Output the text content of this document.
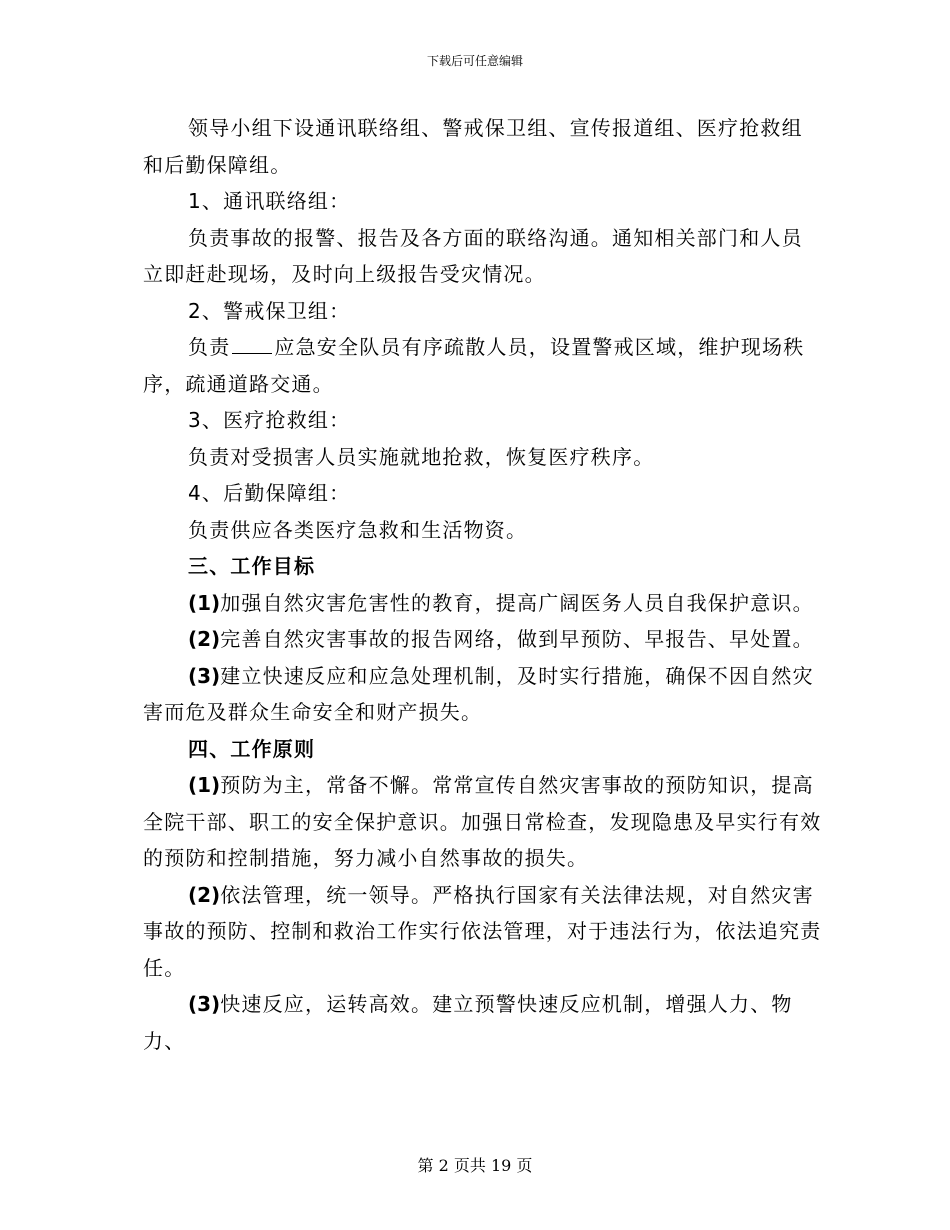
下载后可任意编辑

领导小组下设通讯联络组、警戒保卫组、宣传报道组、医疗抢救组和后勤保障组。

1、通讯联络组：

负责事故的报警、报告及各方面的联络沟通。通知相关部门和人员立即赶赴现场，及时向上级报告受灾情况。

2、警戒保卫组：

负责 应急安全队员有序疏散人员，设置警戒区域，维护现场秩序，疏通道路交通。

3、医疗抢救组：

负责对受损害人员实施就地抢救，恢复医疗秩序。

4、后勤保障组：

负责供应各类医疗急救和生活物资。

三、工作目标

(1)加强自然灾害危害性的教育，提高广阔医务人员自我保护意识。

(2)完善自然灾害事故的报告网络，做到早预防、早报告、早处置。

(3)建立快速反应和应急处理机制，及时实行措施，确保不因自然灾害而危及群众生命安全和财产损失。

四、工作原则

(1)预防为主，常备不懈。常常宣传自然灾害事故的预防知识，提高全院干部、职工的安全保护意识。加强日常检查，发现隐患及早实行有效的预防和控制措施，努力减小自然事故的损失。

(2)依法管理，统一领导。严格执行国家有关法律法规，对自然灾害事故的预防、控制和救治工作实行依法管理，对于违法行为，依法追究责任。

(3)快速反应，运转高效。建立预警快速反应机制，增强人力、物力、

第 2 页共 19 页
